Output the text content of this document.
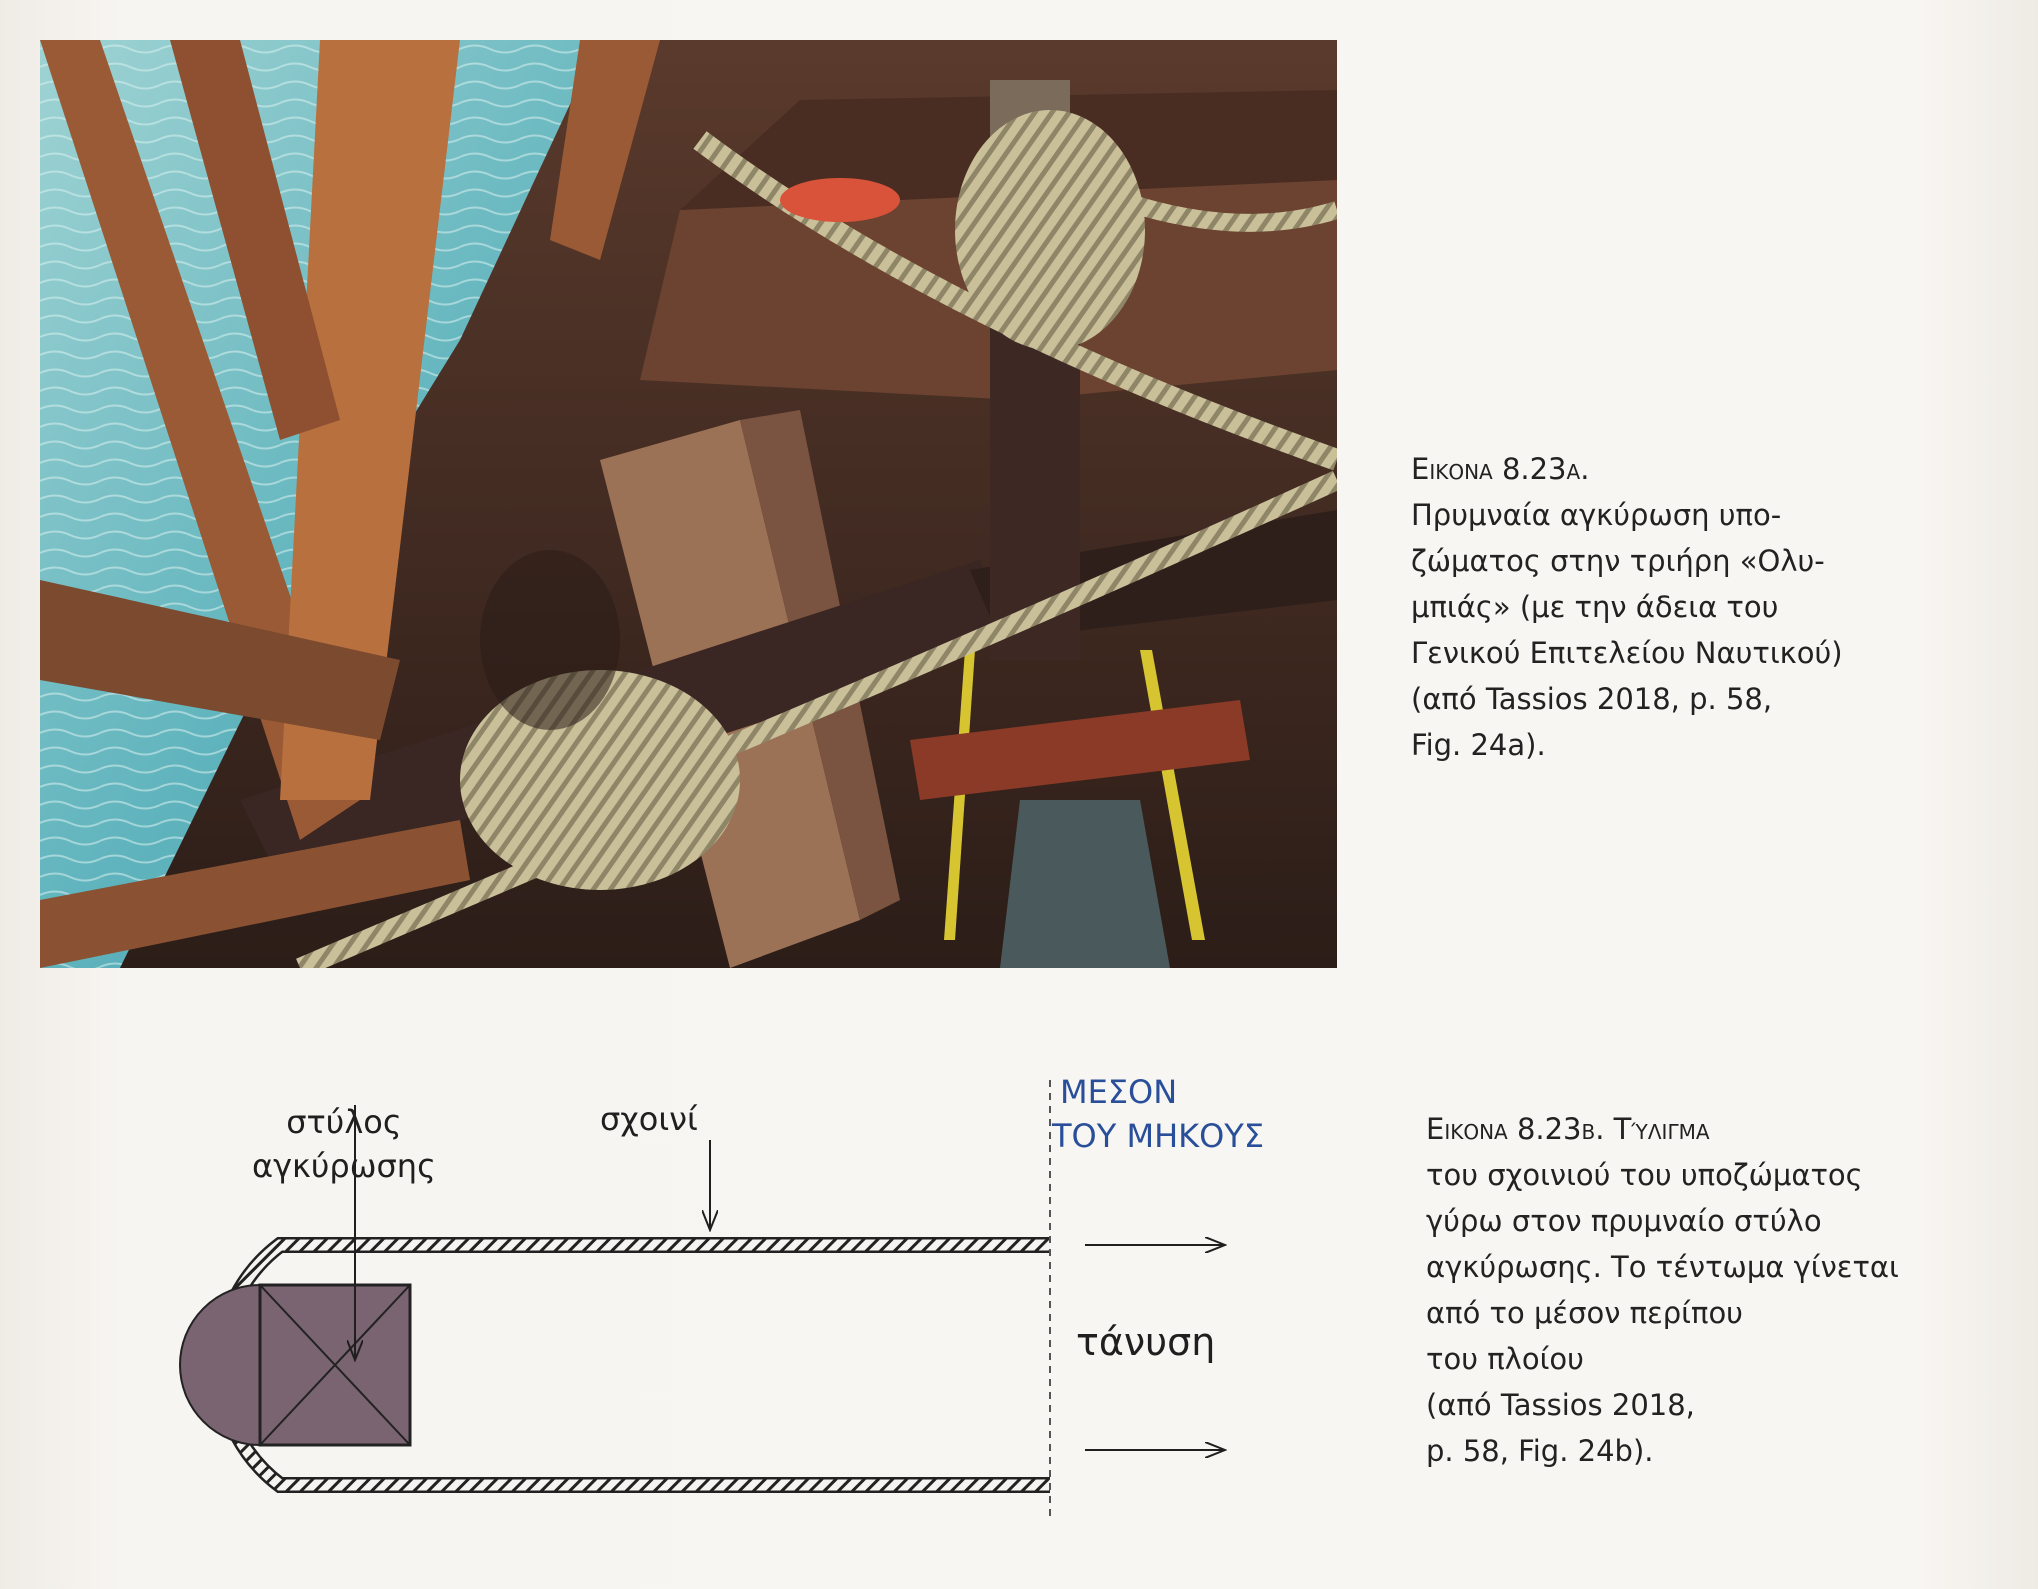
Εικονα 8.23α.
Πρυμναία αγκύρωση υπο-
ζώματος στην τριήρη «Ολυ-
μπιάς» (με την άδεια του
Γενικού Επιτελείου Ναυτικού)
(από Tassios 2018, p. 58,
Fig. 24a).
στύλος
αγκύρωσης
σχοινί
ΜΕΣΟΝ
ΤΟΥ ΜΗΚΟΥΣ
τάνυση
Εικονα 8.23β. Τύλιγμα
του σχοινιού του υποζώματος
γύρω στον πρυμναίο στύλο
αγκύρωσης. Το τέντωμα γίνεται
από το μέσον περίπου
του πλοίου
(από Tassios 2018,
p. 58, Fig. 24b).
